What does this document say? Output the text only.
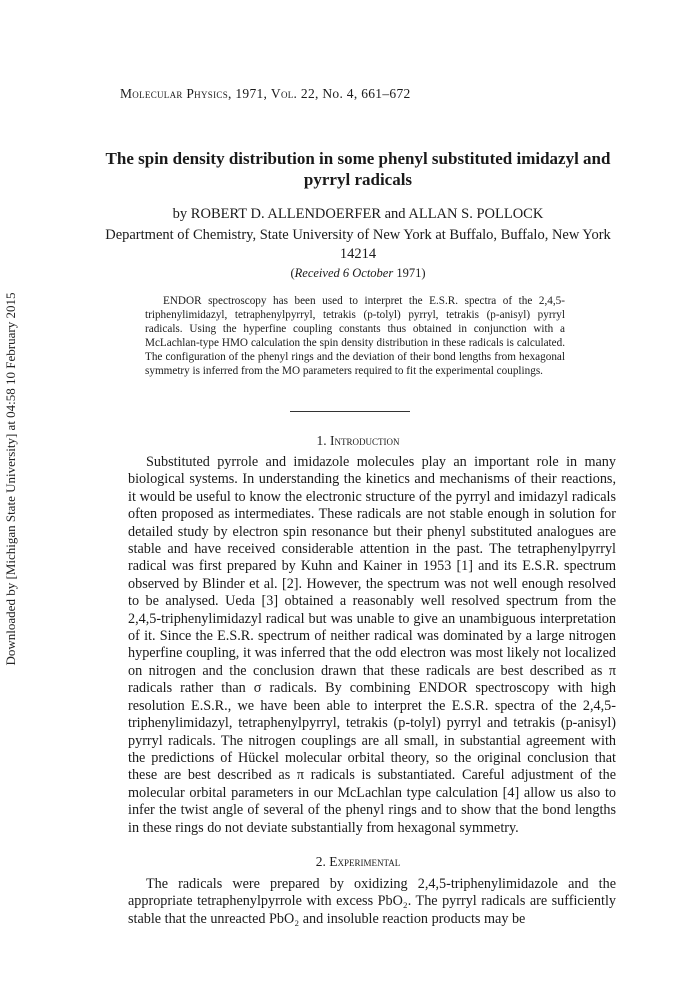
Downloaded by [Michigan State University] at 04:58 10 February 2015
Molecular Physics, 1971, Vol. 22, No. 4, 661–672
The spin density distribution in some phenyl substituted imidazyl and pyrryl radicals
by ROBERT D. ALLENDOERFER and ALLAN S. POLLOCK
Department of Chemistry, State University of New York at Buffalo, Buffalo, New York 14214
(Received 6 October 1971)
ENDOR spectroscopy has been used to interpret the E.S.R. spectra of the 2,4,5-triphenylimidazyl, tetraphenylpyrryl, tetrakis (p-tolyl) pyrryl, tetrakis (p-anisyl) pyrryl radicals. Using the hyperfine coupling constants thus obtained in conjunction with a McLachlan-type HMO calculation the spin density distribution in these radicals is calculated. The configuration of the phenyl rings and the deviation of their bond lengths from hexagonal symmetry is inferred from the MO parameters required to fit the experimental couplings.
1. Introduction
Substituted pyrrole and imidazole molecules play an important role in many biological systems. In understanding the kinetics and mechanisms of their reactions, it would be useful to know the electronic structure of the pyrryl and imidazyl radicals often proposed as intermediates. These radicals are not stable enough in solution for detailed study by electron spin resonance but their phenyl substituted analogues are stable and have received considerable attention in the past. The tetraphenylpyrryl radical was first prepared by Kuhn and Kainer in 1953 [1] and its E.S.R. spectrum observed by Blinder et al. [2]. However, the spectrum was not well enough resolved to be analysed. Ueda [3] obtained a reasonably well resolved spectrum from the 2,4,5-triphenylimidazyl radical but was unable to give an unambiguous interpretation of it. Since the E.S.R. spectrum of neither radical was dominated by a large nitrogen hyperfine coupling, it was inferred that the odd electron was most likely not localized on nitrogen and the conclusion drawn that these radicals are best described as π radicals rather than σ radicals. By combining ENDOR spectroscopy with high resolution E.S.R., we have been able to interpret the E.S.R. spectra of the 2,4,5-triphenylimidazyl, tetraphenylpyrryl, tetrakis (p-tolyl) pyrryl and tetrakis (p-anisyl) pyrryl radicals. The nitrogen couplings are all small, in substantial agreement with the predictions of Hückel molecular orbital theory, so the original conclusion that these are best described as π radicals is substantiated. Careful adjustment of the molecular orbital parameters in our McLachlan type calculation [4] allow us also to infer the twist angle of several of the phenyl rings and to show that the bond lengths in these rings do not deviate substantially from hexagonal symmetry.
2. Experimental
The radicals were prepared by oxidizing 2,4,5-triphenylimidazole and the appropriate tetraphenylpyrrole with excess PbO₂. The pyrryl radicals are sufficiently stable that the unreacted PbO₂ and insoluble reaction products may be
